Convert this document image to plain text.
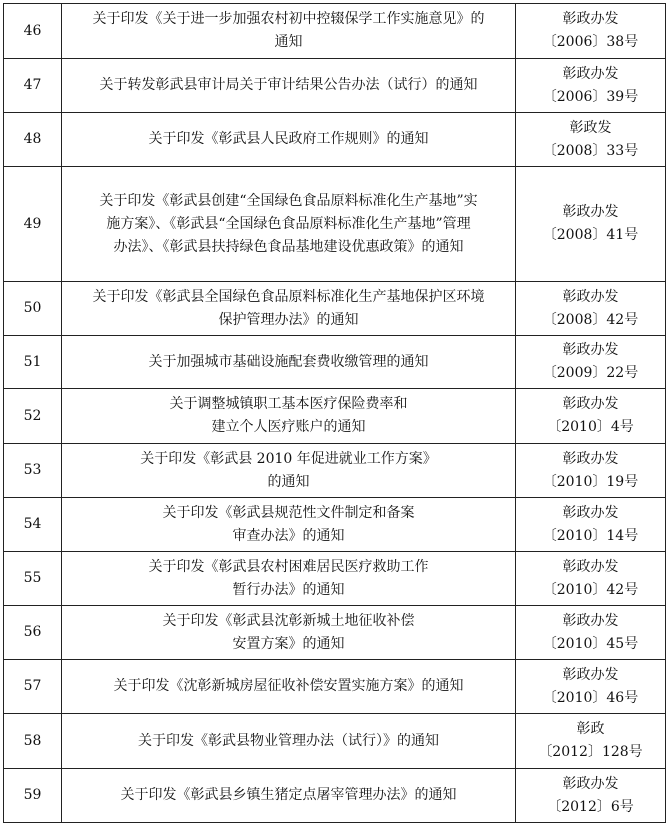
46	关于印发《关于进一步加强农村初中控辍保学工作实施意见》的
通知	彰政办发
〔2006〕38号

47	关于转发彰武县审计局关于审计结果公告办法（试行）的通知	彰政办发
〔2006〕39号

48	关于印发《彰武县人民政府工作规则》的通知	彰政发
〔2008〕33号

49	关于印发《彰武县创建“全国绿色食品原料标准化生产基地”实
施方案》、《彰武县“全国绿色食品原料标准化生产基地”管理
办法》、《彰武县扶持绿色食品基地建设优惠政策》的通知	彰政办发
〔2008〕41号

50	关于印发《彰武县全国绿色食品原料标准化生产基地保护区环境
保护管理办法》的通知	彰政办发
〔2008〕42号

51	关于加强城市基础设施配套费收缴管理的通知	彰政办发
〔2009〕22号

52	关于调整城镇职工基本医疗保险费率和
建立个人医疗账户的通知	彰政办发
〔2010〕4号

53	关于印发《彰武县 2010 年促进就业工作方案》
的通知	彰政办发
〔2010〕19号

54	关于印发《彰武县规范性文件制定和备案
审查办法》的通知	彰政办发
〔2010〕14号

55	关于印发《彰武县农村困难居民医疗救助工作
暂行办法》的通知	彰政办发
〔2010〕42号

56	关于印发《彰武县沈彰新城土地征收补偿
安置方案》的通知	彰政办发
〔2010〕45号

57	关于印发《沈彰新城房屋征收补偿安置实施方案》的通知	彰政办发
〔2010〕46号

58	关于印发《彰武县物业管理办法（试行）》的通知	彰政
〔2012〕128号

59	关于印发《彰武县乡镇生猪定点屠宰管理办法》的通知	彰政办发
〔2012〕6号
